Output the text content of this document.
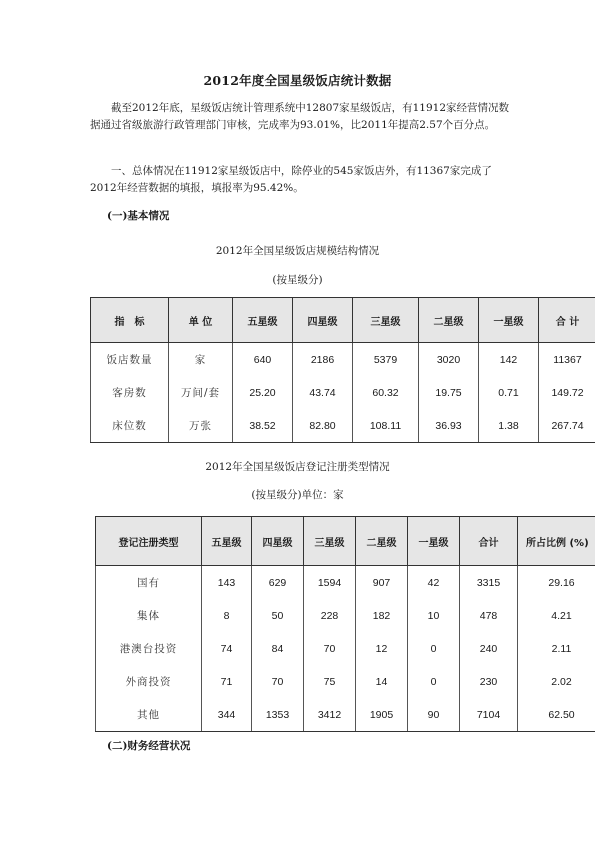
2012年度全国星级饭店统计数据

截至2012年底，星级饭店统计管理系统中12807家星级饭店，有11912家经营情况数据通过省级旅游行政管理部门审核，完成率为93.01%，比2011年提高2.57个百分点。

一、总体情况在11912家星级饭店中，除停业的545家饭店外，有11367家完成了2012年经营数据的填报，填报率为95.42%。

(一)基本情况
2012年全国星级饭店规模结构情况
(按星级分)
指　标	单 位	五星级	四星级	三星级	二星级	一星级	合 计
饭店数量	家	640	2186	5379	3020	142	11367
客房数	万间/套	25.20	43.74	60.32	19.75	0.71	149.72
床位数	万张	38.52	82.80	108.11	36.93	1.38	267.74
2012年全国星级饭店登记注册类型情况
(按星级分)单位：家
登记注册类型	五星级	四星级	三星级	二星级	一星级	合计	所占比例 (%)
国有	143	629	1594	907	42	3315	29.16
集体	8	50	228	182	10	478	4.21
港澳台投资	74	84	70	12	0	240	2.11
外商投资	71	70	75	14	0	230	2.02
其他	344	1353	3412	1905	90	7104	62.50
(二)财务经营状况
